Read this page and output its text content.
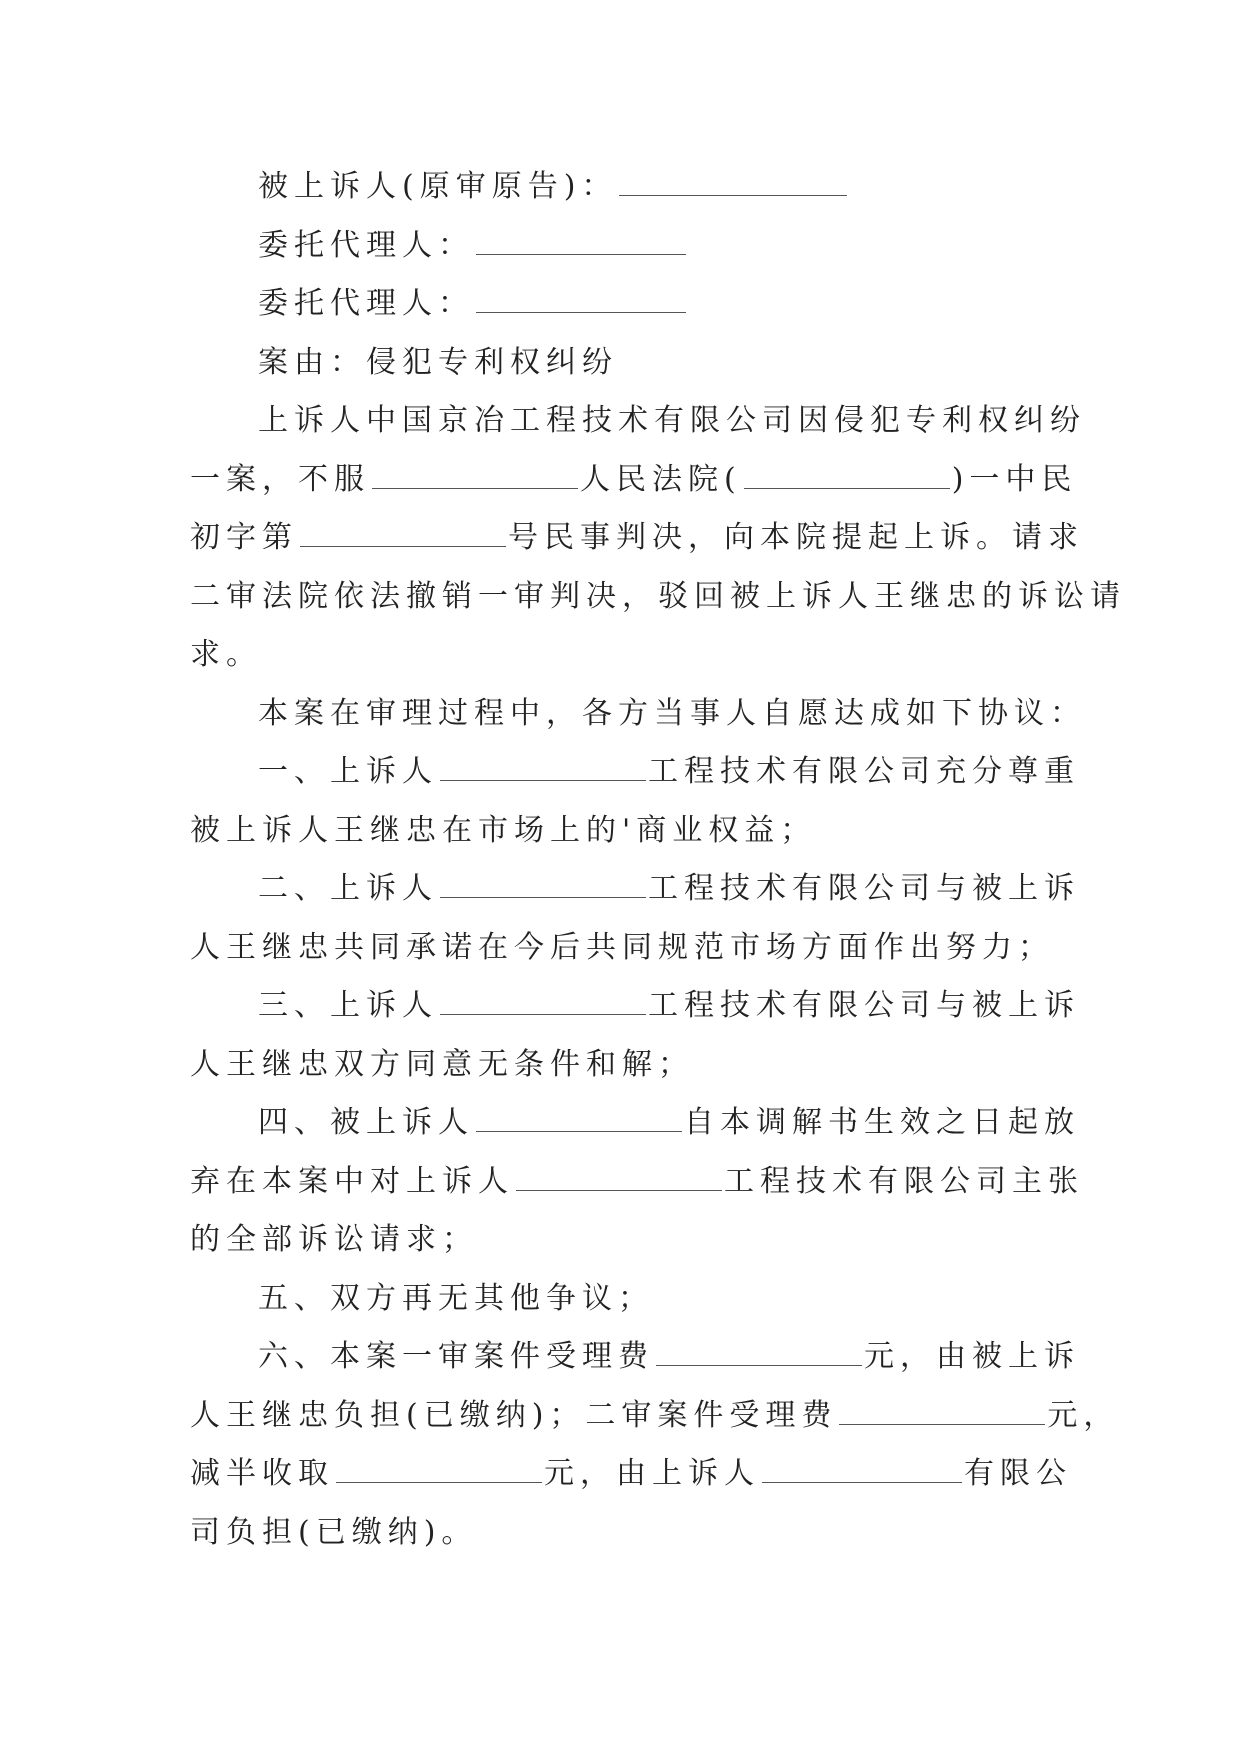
被上诉人(原审原告)：
委托代理人：
委托代理人：
案由：侵犯专利权纠纷
上诉人中国京冶工程技术有限公司因侵犯专利权纠纷
一案，不服	人民法院(	)一中民
初字第	号民事判决，向本院提起上诉。请求
二审法院依法撤销一审判决，驳回被上诉人王继忠的诉讼请
求。
本案在审理过程中，各方当事人自愿达成如下协议：
一、上诉人	工程技术有限公司充分尊重
被上诉人王继忠在市场上的'商业权益；
二、上诉人	工程技术有限公司与被上诉
人王继忠共同承诺在今后共同规范市场方面作出努力；
三、上诉人	工程技术有限公司与被上诉
人王继忠双方同意无条件和解；
四、被上诉人	自本调解书生效之日起放
弃在本案中对上诉人	工程技术有限公司主张
的全部诉讼请求；
五、双方再无其他争议；
六、本案一审案件受理费	元，由被上诉
人王继忠负担(已缴纳)；二审案件受理费	元，
减半收取	元，由上诉人	有限公
司负担(已缴纳)。
